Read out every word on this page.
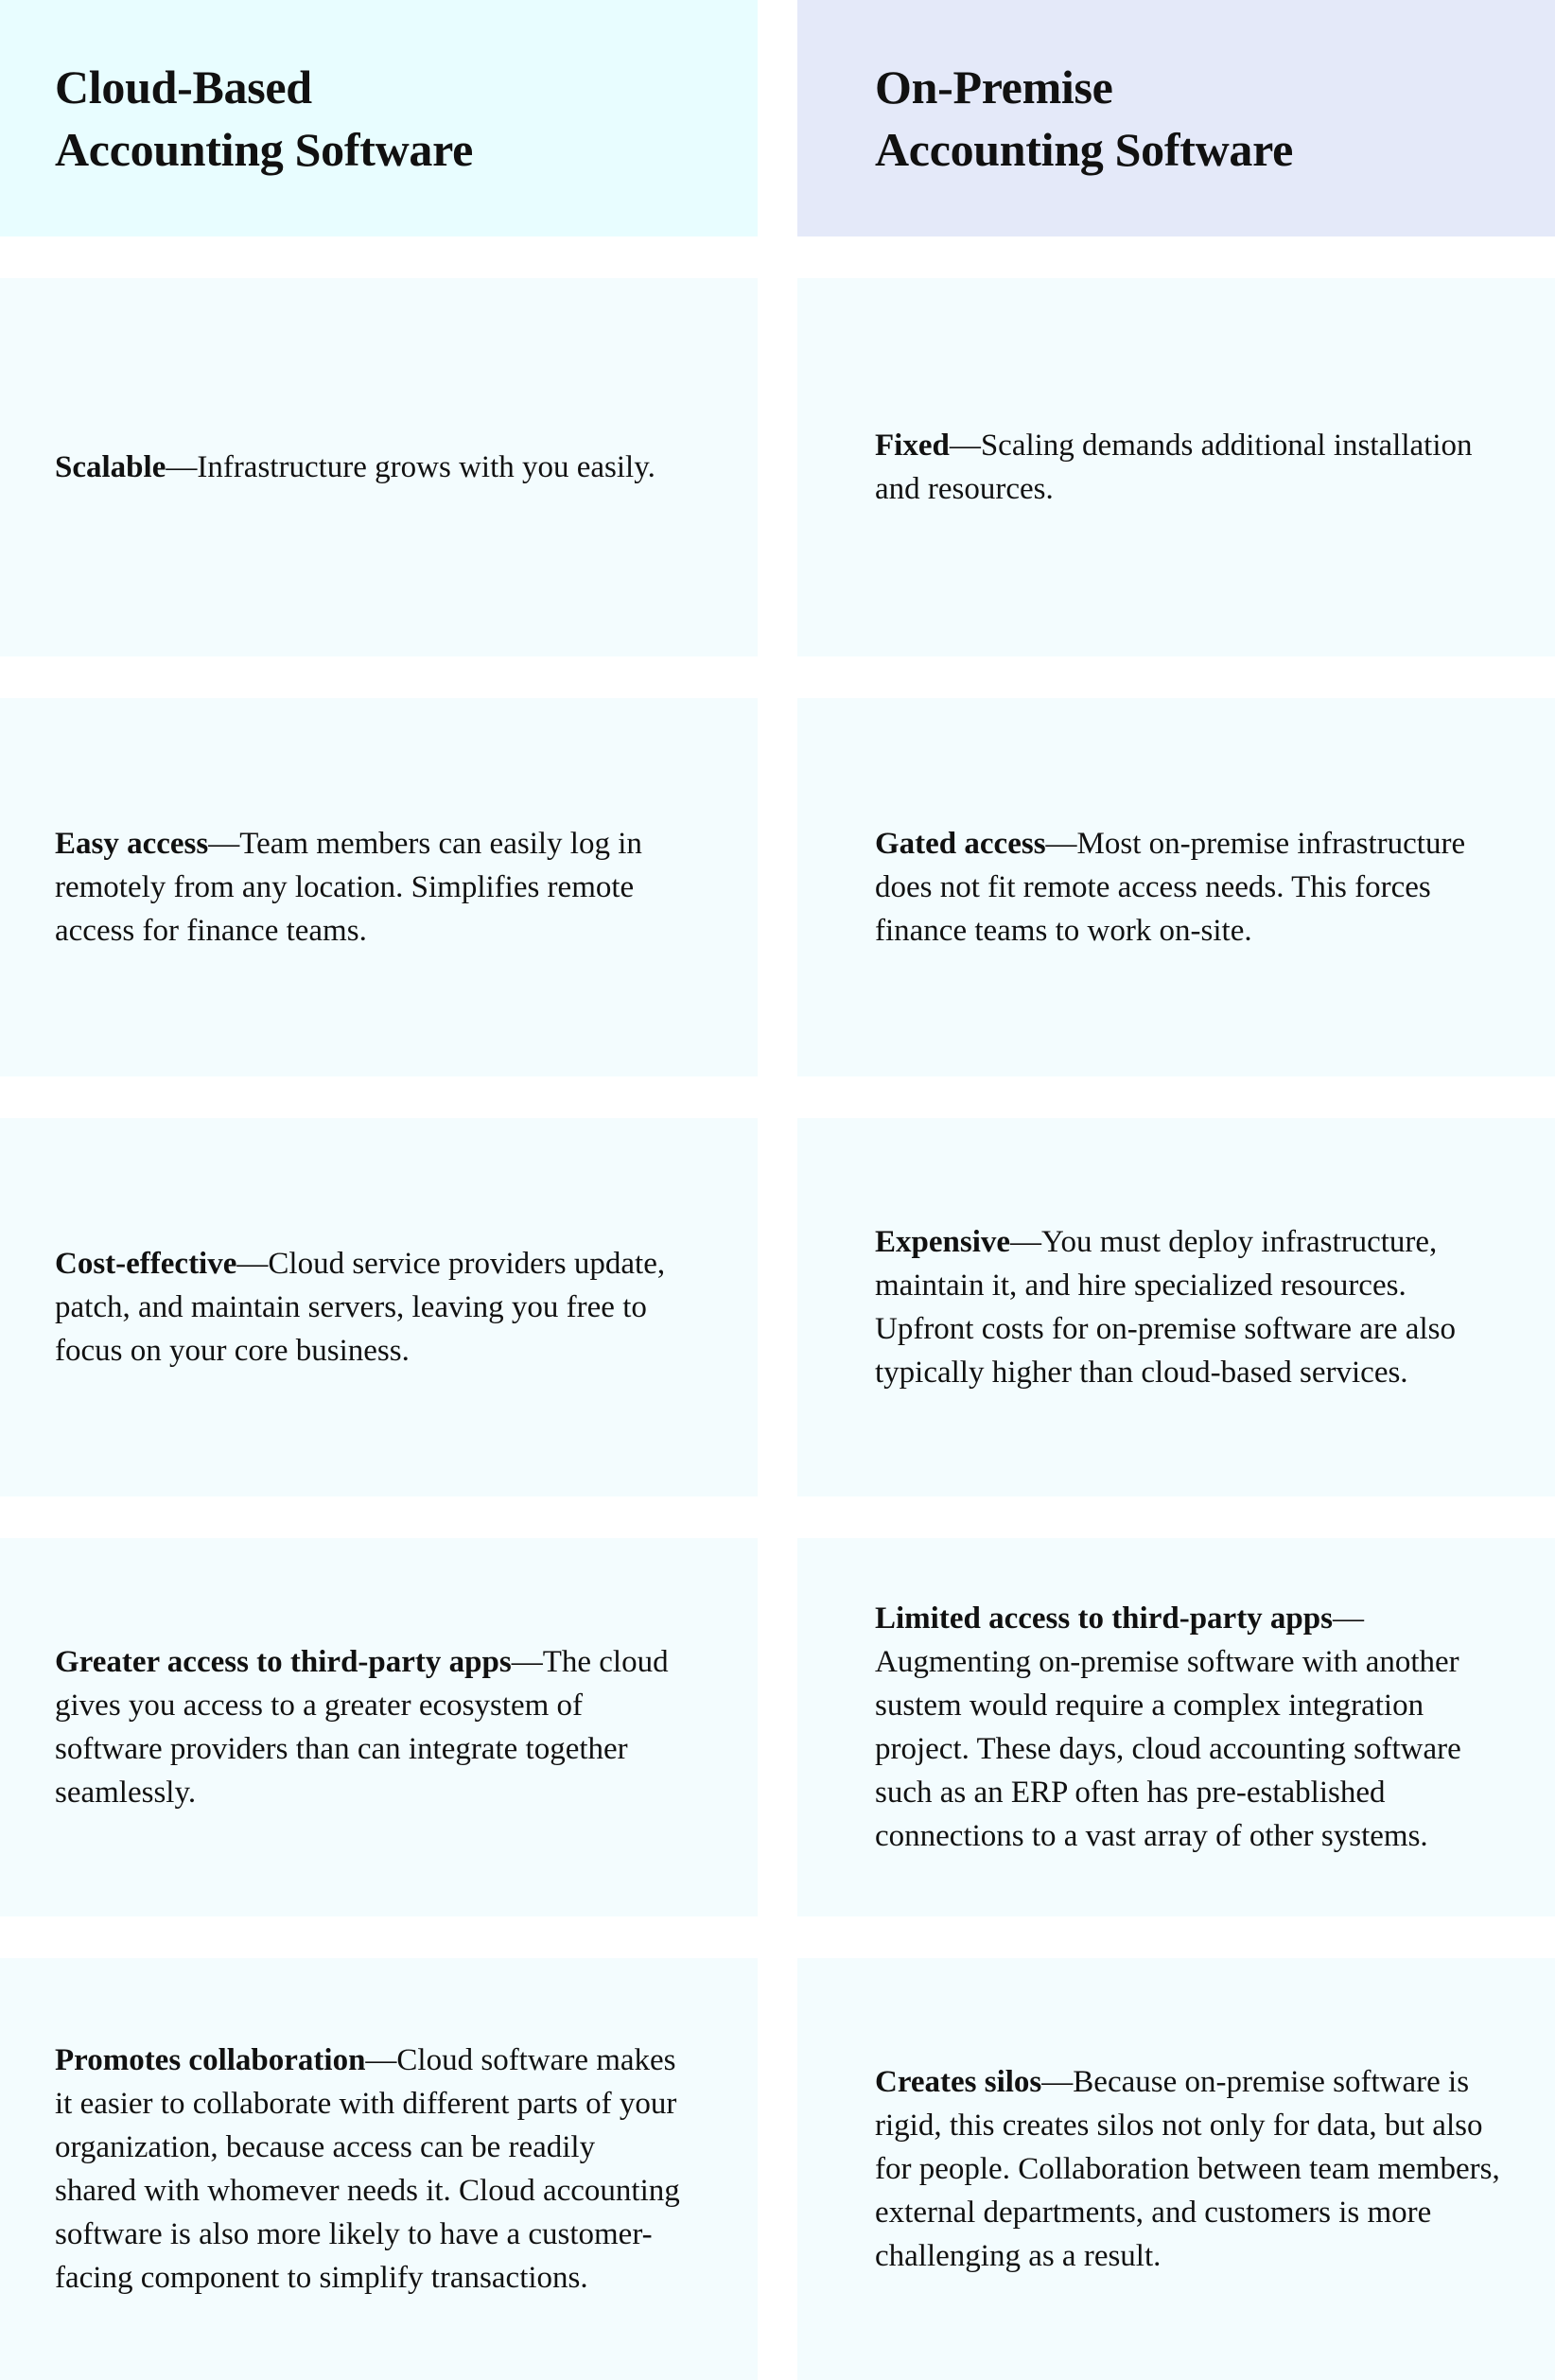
Cloud-Based
Accounting Software
On-Premise
Accounting Software

Scalable—Infrastructure grows with you easily.

Fixed—Scaling demands additional installation and resources.

Easy access—Team members can easily log in remotely from any location. Simplifies remote access for finance teams.

Gated access—Most on-premise infrastructure does not fit remote access needs. This forces finance teams to work on-site.

Cost-effective—Cloud service providers update, patch, and maintain servers, leaving you free to focus on your core business.

Expensive—You must deploy infrastructure, maintain it, and hire specialized resources. Upfront costs for on-premise software are also typically higher than cloud-based services.

Greater access to third-party apps—The cloud gives you access to a greater ecosystem of software providers than can integrate together seamlessly.

Limited access to third-party apps—Augmenting on-premise software with another sustem would require a complex integration project. These days, cloud accounting software such as an ERP often has pre-established connections to a vast array of other systems.

Promotes collaboration—Cloud software makes it easier to collaborate with different parts of your organization, because access can be readily shared with whomever needs it. Cloud accounting software is also more likely to have a customer-facing component to simplify transactions.

Creates silos—Because on-premise software is rigid, this creates silos not only for data, but also for people. Collaboration between team members, external departments, and customers is more challenging as a result.
